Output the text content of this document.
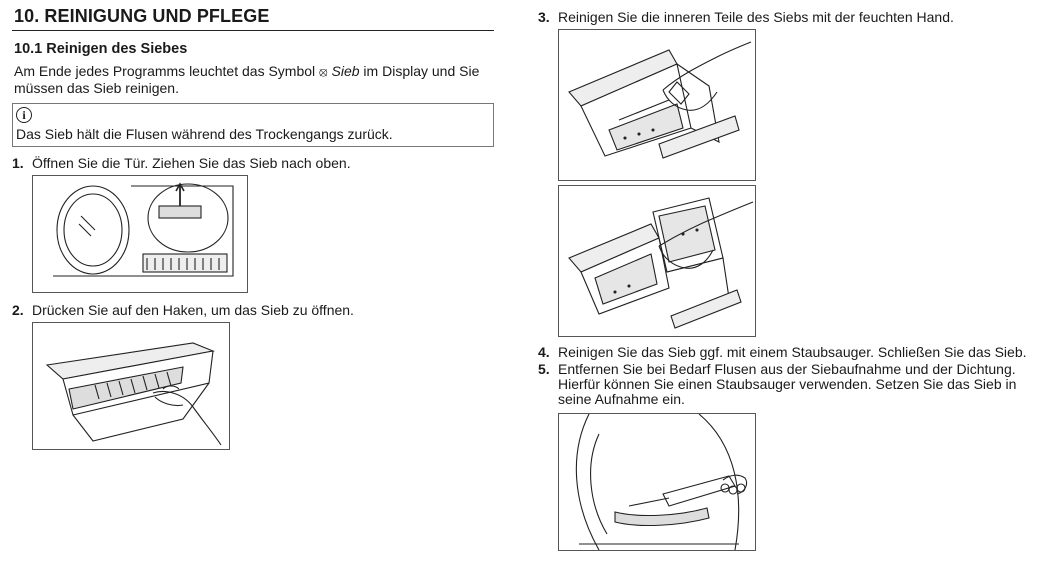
10. REINIGUNG UND PFLEGE
10.1 Reinigen des Siebes

Am Ende jedes Programms leuchtet das Symbol ⦻ Sieb im Display und Sie müssen das Sieb reinigen.

i
Das Sieb hält die Flusen während des Trockengangs zurück.
1. Öffnen Sie die Tür. Ziehen Sie das Sieb nach oben.
2. Drücken Sie auf den Haken, um das Sieb zu öffnen.
3. Reinigen Sie die inneren Teile des Siebs mit der feuchten Hand.
4. Reinigen Sie das Sieb ggf. mit einem Staubsauger. Schließen Sie das Sieb.
5. Entfernen Sie bei Bedarf Flusen aus der Siebaufnahme und der Dichtung. Hierfür können Sie einen Staubsauger verwenden. Setzen Sie das Sieb in seine Aufnahme ein.
